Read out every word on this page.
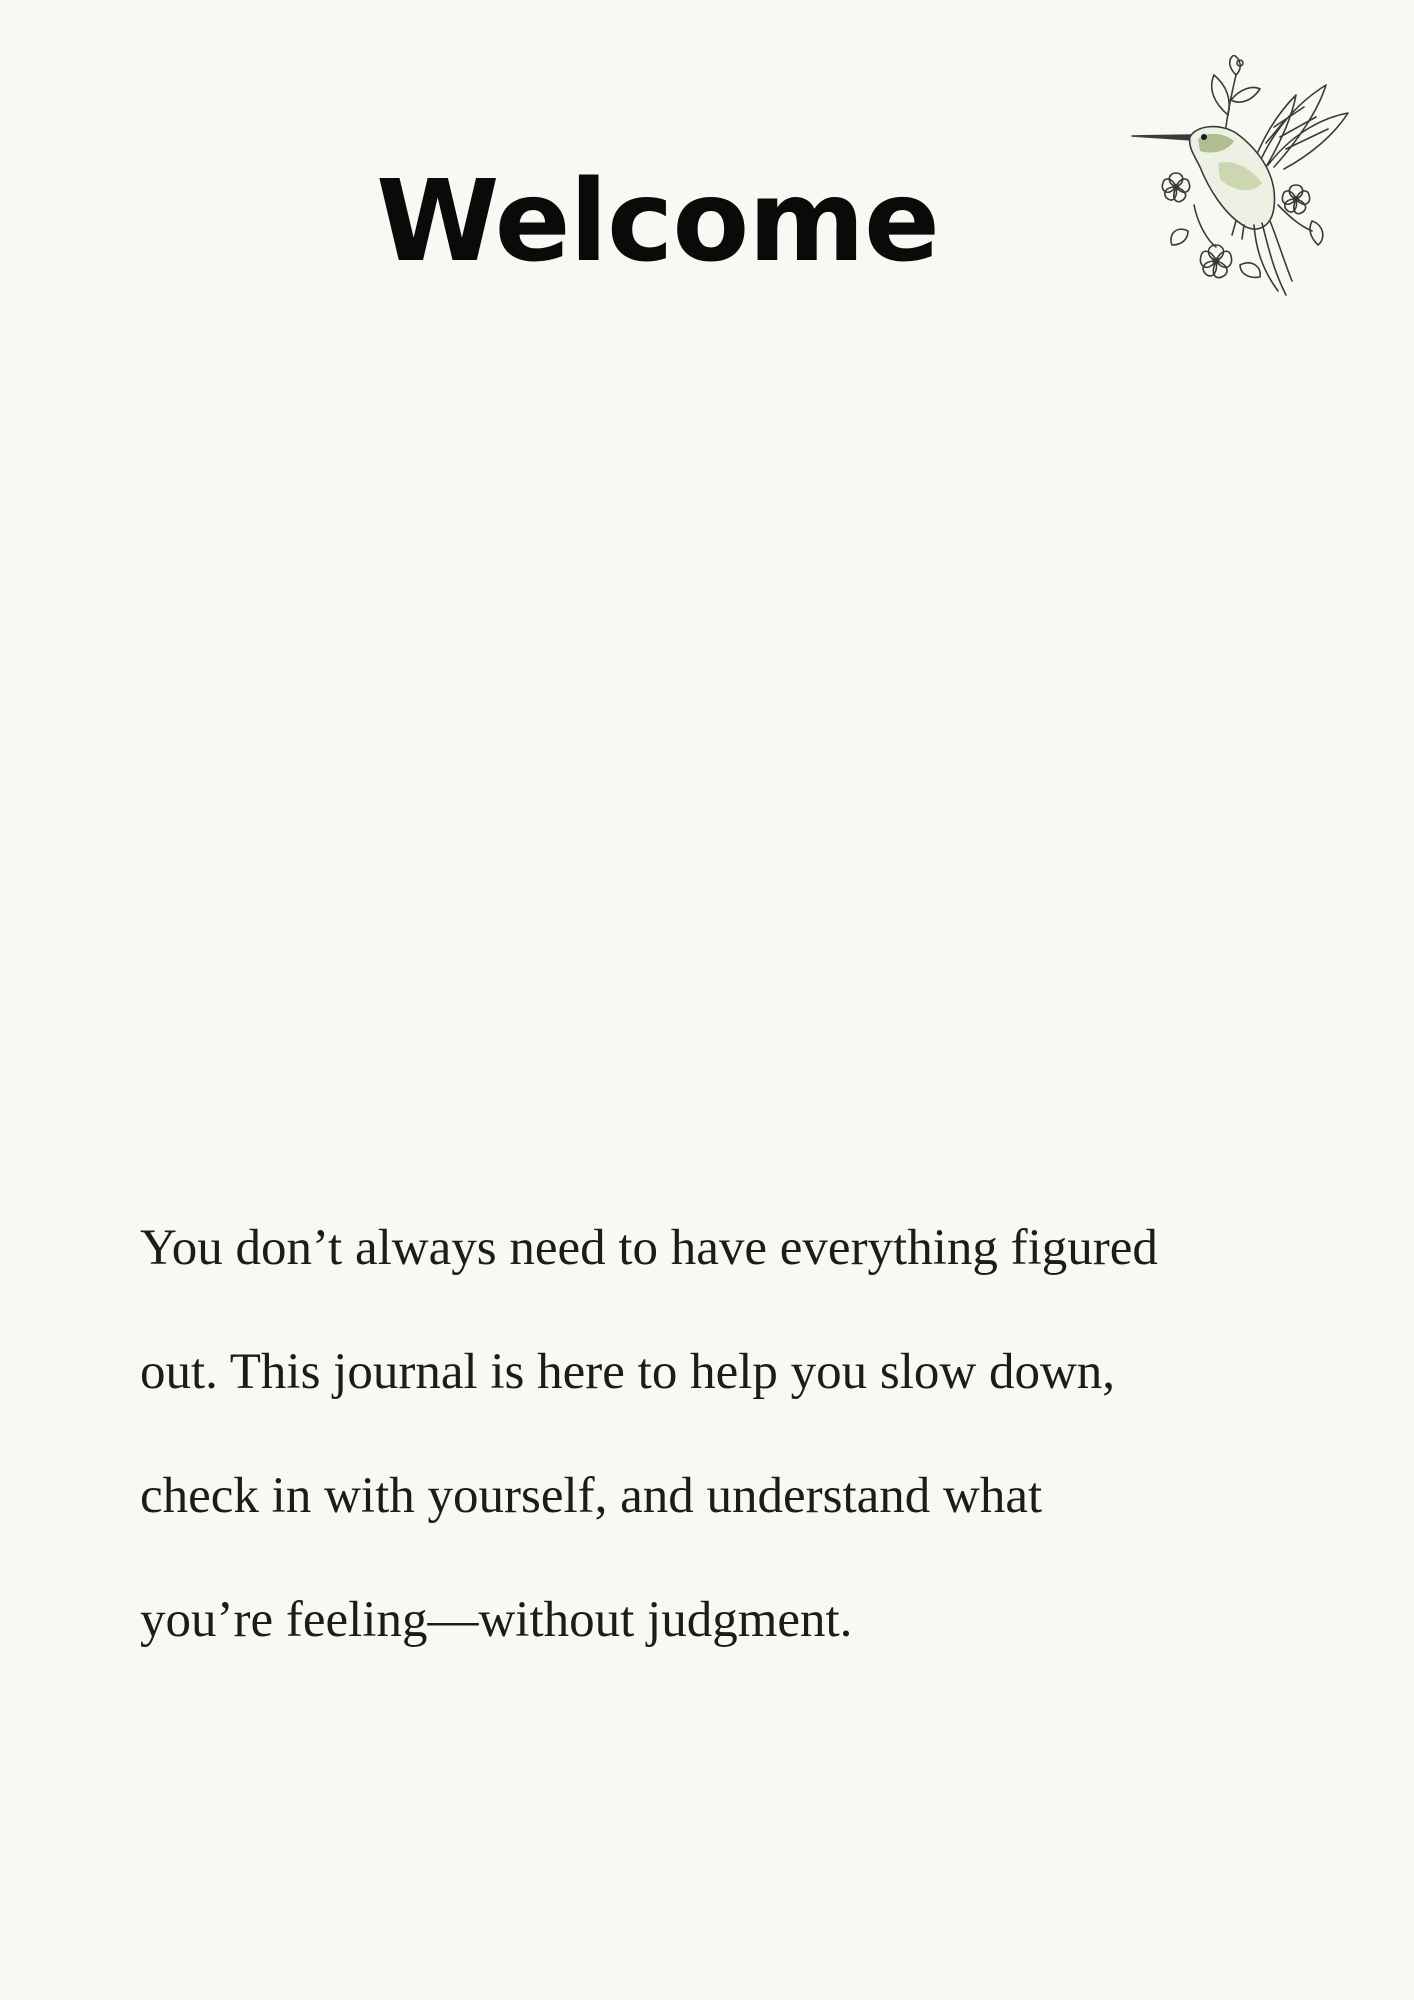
Welcome

You don’t always need to have everything figured
out. This journal is here to help you slow down,
check in with yourself, and understand what
you’re feeling—without judgment.
